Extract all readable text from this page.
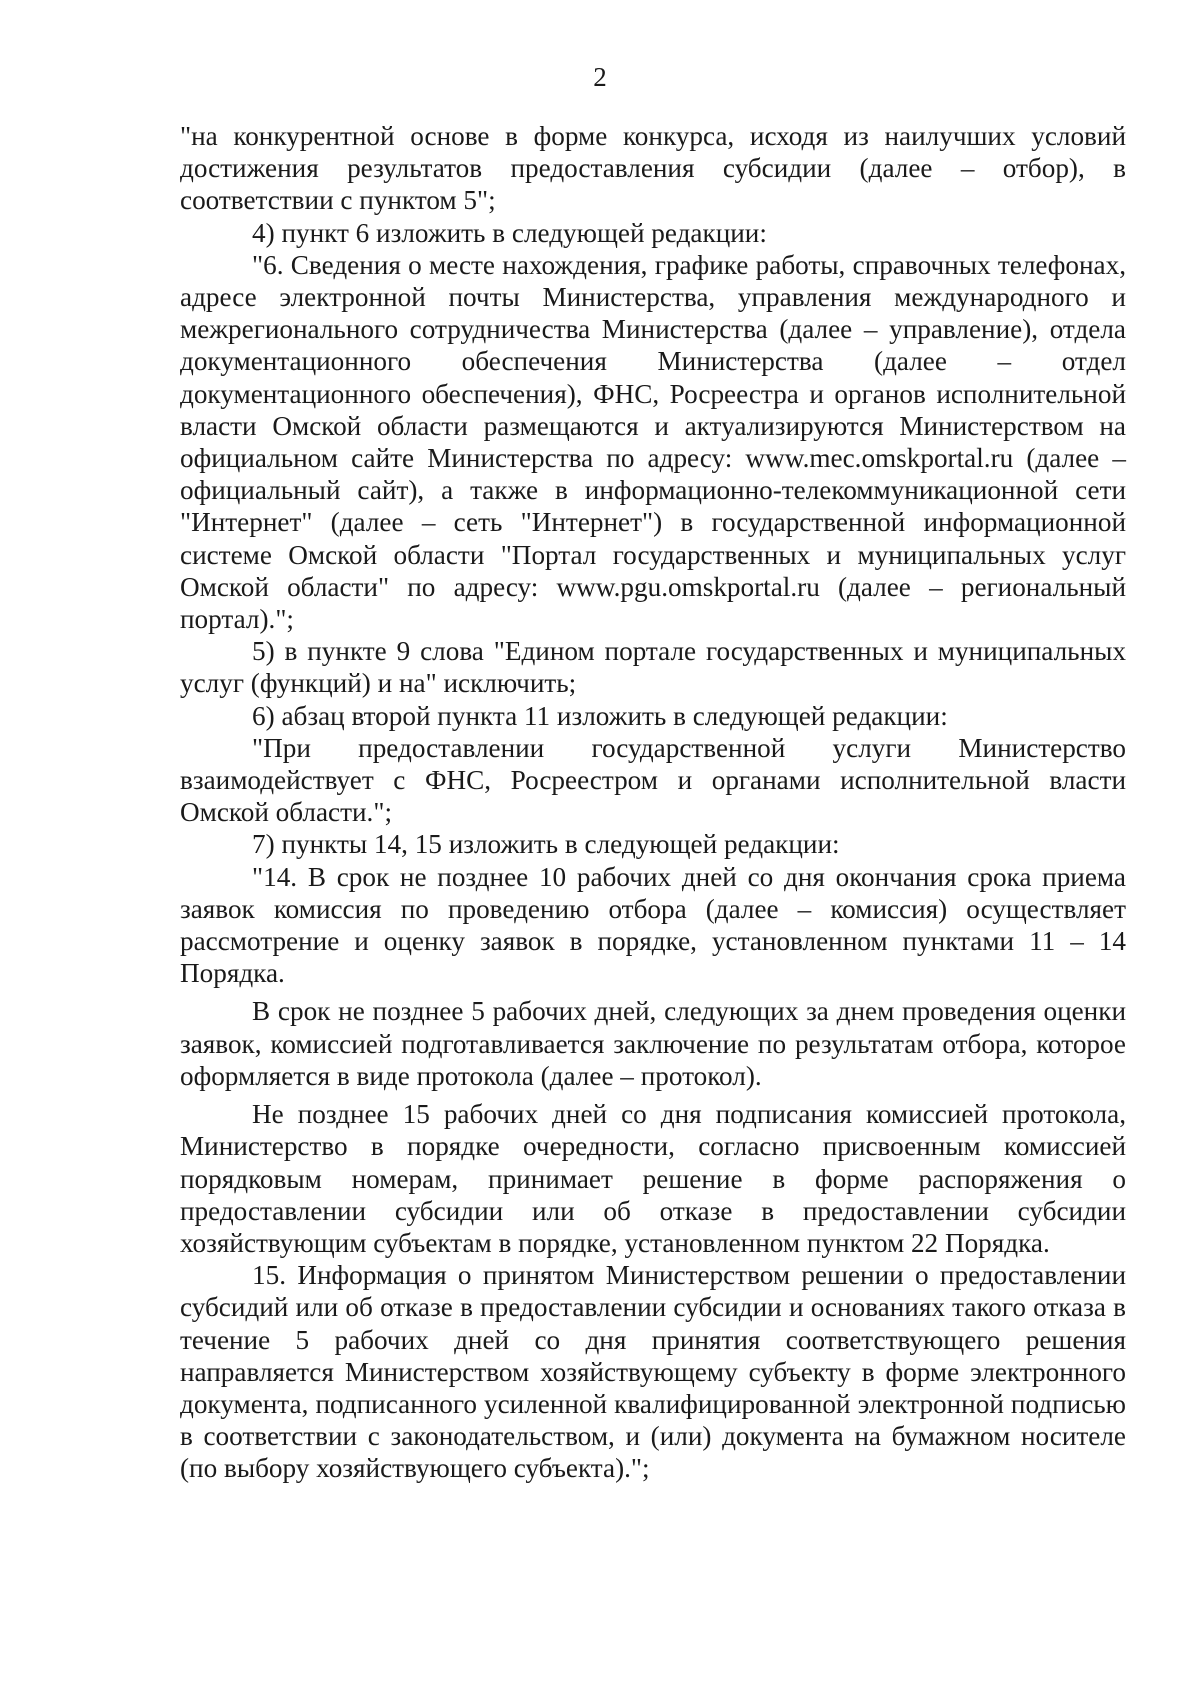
2

"на конкурентной основе в форме конкурса, исходя из наилучших условий достижения результатов предоставления субсидии (далее – отбор), в соответствии с пунктом 5";

4) пункт 6 изложить в следующей редакции:

"6. Сведения о месте нахождения, графике работы, справочных телефонах, адресе электронной почты Министерства, управления международного и межрегионального сотрудничества Министерства (далее – управление), отдела документационного обеспечения Министерства (далее – отдел документационного обеспечения), ФНС, Росреестра и органов исполнительной власти Омской области размещаются и актуализируются Министерством на официальном сайте Министерства по адресу: www.mec.omskportal.ru (далее – официальный сайт), а также в информационно-телекоммуникационной сети "Интернет" (далее – сеть "Интернет") в государственной информационной системе Омской области "Портал государственных и муниципальных услуг Омской области" по адресу: www.pgu.omskportal.ru (далее – региональный портал).";

5) в пункте 9 слова "Едином портале государственных и муниципальных услуг (функций) и на" исключить;

6) абзац второй пункта 11 изложить в следующей редакции:

"При предоставлении государственной услуги Министерство взаимодействует с ФНС, Росреестром и органами исполнительной власти Омской области.";

7) пункты 14, 15 изложить в следующей редакции:

"14. В срок не позднее 10 рабочих дней со дня окончания срока приема заявок комиссия по проведению отбора (далее – комиссия) осуществляет рассмотрение и оценку заявок в порядке, установленном пунктами 11 – 14 Порядка.

В срок не позднее 5 рабочих дней, следующих за днем проведения оценки заявок, комиссией подготавливается заключение по результатам отбора, которое оформляется в виде протокола (далее – протокол).

Не позднее 15 рабочих дней со дня подписания комиссией протокола, Министерство в порядке очередности, согласно присвоенным комиссией порядковым номерам, принимает решение в форме распоряжения о предоставлении субсидии или об отказе в предоставлении субсидии хозяйствующим субъектам в порядке, установленном пунктом 22 Порядка.

15. Информация о принятом Министерством решении о предоставлении субсидий или об отказе в предоставлении субсидии и основаниях такого отказа в течение 5 рабочих дней со дня принятия соответствующего решения направляется Министерством хозяйствующему субъекту в форме электронного документа, подписанного усиленной квалифицированной электронной подписью в соответствии с законодательством, и (или) документа на бумажном носителе (по выбору хозяйствующего субъекта).";
